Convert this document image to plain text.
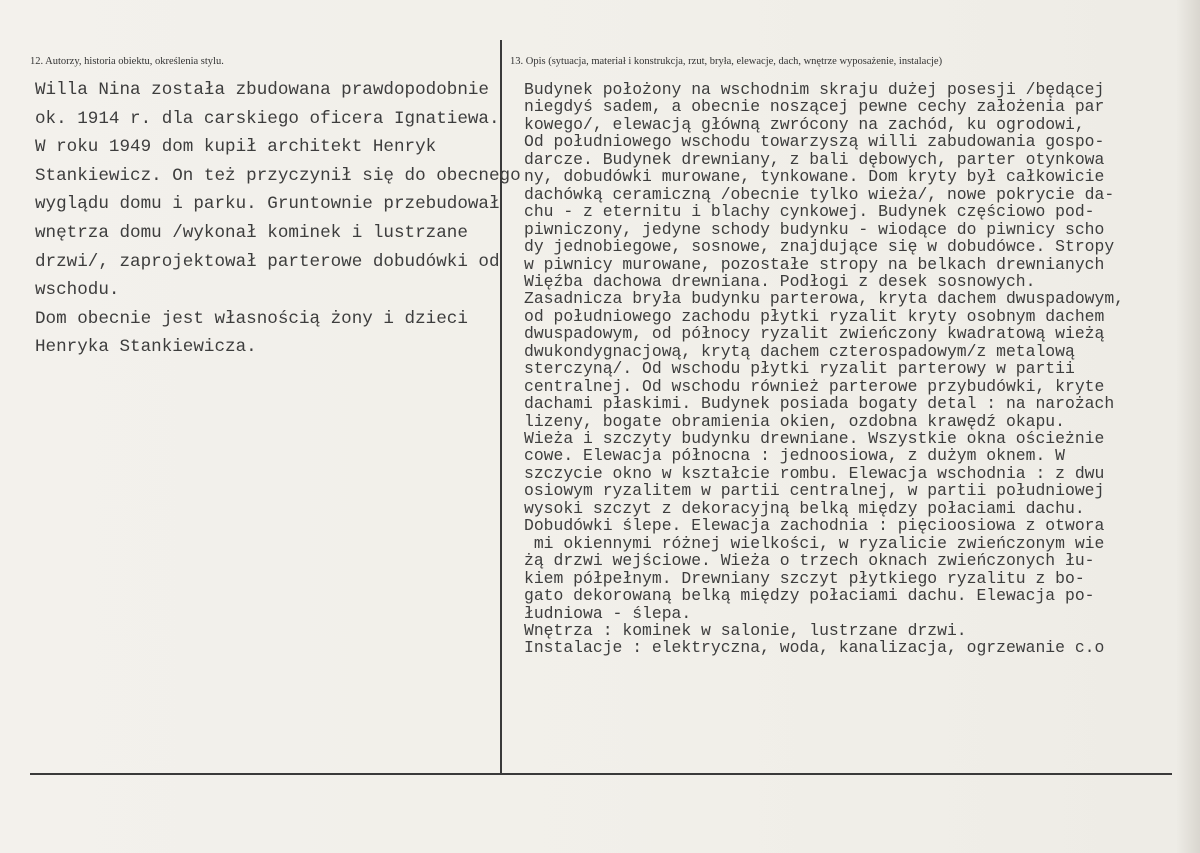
12. Autorzy, historia obiektu, określenia stylu.	13. Opis (sytuacja, materiał i konstrukcja, rzut, bryła, elewacje, dach, wnętrze wyposażenie, instalacje)
Willa Nina została zbudowana prawdopodobnie
ok. 1914 r. dla carskiego oficera Ignatiewa.
W roku 1949 dom kupił architekt Henryk
Stankiewicz. On też przyczynił się do obecnego
wyglądu domu i parku. Gruntownie przebudował
wnętrza domu /wykonał kominek i lustrzane
drzwi/, zaprojektował parterowe dobudówki od
wschodu.
Dom obecnie jest własnością żony i dzieci
Henryka Stankiewicza.
Budynek położony na wschodnim skraju dużej posesji /będącej
niegdyś sadem, a obecnie noszącej pewne cechy założenia par
kowego/, elewacją główną zwrócony na zachód, ku ogrodowi,
Od południowego wschodu towarzyszą willi zabudowania gospo-
darcze. Budynek drewniany, z bali dębowych, parter otynkowa
ny, dobudówki murowane, tynkowane. Dom kryty był całkowicie
dachówką ceramiczną /obecnie tylko wieża/, nowe pokrycie da-
chu - z eternitu i blachy cynkowej. Budynek częściowo pod-
piwniczony, jedyne schody budynku - wiodące do piwnicy scho
dy jednobiegowe, sosnowe, znajdujące się w dobudówce. Stropy
w piwnicy murowane, pozostałe stropy na belkach drewnianych
Więźba dachowa drewniana. Podłogi z desek sosnowych.
Zasadnicza bryła budynku parterowa, kryta dachem dwuspadowym,
od południowego zachodu płytki ryzalit kryty osobnym dachem
dwuspadowym, od północy ryzalit zwieńczony kwadratową wieżą
dwukondygnacjową, krytą dachem czterospadowym/z metalową
sterczyną/. Od wschodu płytki ryzalit parterowy w partii
centralnej. Od wschodu również parterowe przybudówki, kryte
dachami płaskimi. Budynek posiada bogaty detal : na narożach
lizeny, bogate obramienia okien, ozdobna krawędź okapu.
Wieża i szczyty budynku drewniane. Wszystkie okna ościeżnie
cowe. Elewacja północna : jednoosiowa, z dużym oknem. W
szczycie okno w kształcie rombu. Elewacja wschodnia : z dwu
osiowym ryzalitem w partii centralnej, w partii południowej
wysoki szczyt z dekoracyjną belką między połaciami dachu.
Dobudówki ślepe. Elewacja zachodnia : pięcioosiowa z otwora
mi okiennymi różnej wielkości, w ryzalicie zwieńczonym wie
żą drzwi wejściowe. Wieża o trzech oknach zwieńczonych łu-
kiem półpełnym. Drewniany szczyt płytkiego ryzalitu z bo-
gato dekorowaną belką między połaciami dachu. Elewacja po-
łudniowa - ślepa.
Wnętrza : kominek w salonie, lustrzane drzwi.
Instalacje : elektryczna, woda, kanalizacja, ogrzewanie c.o
